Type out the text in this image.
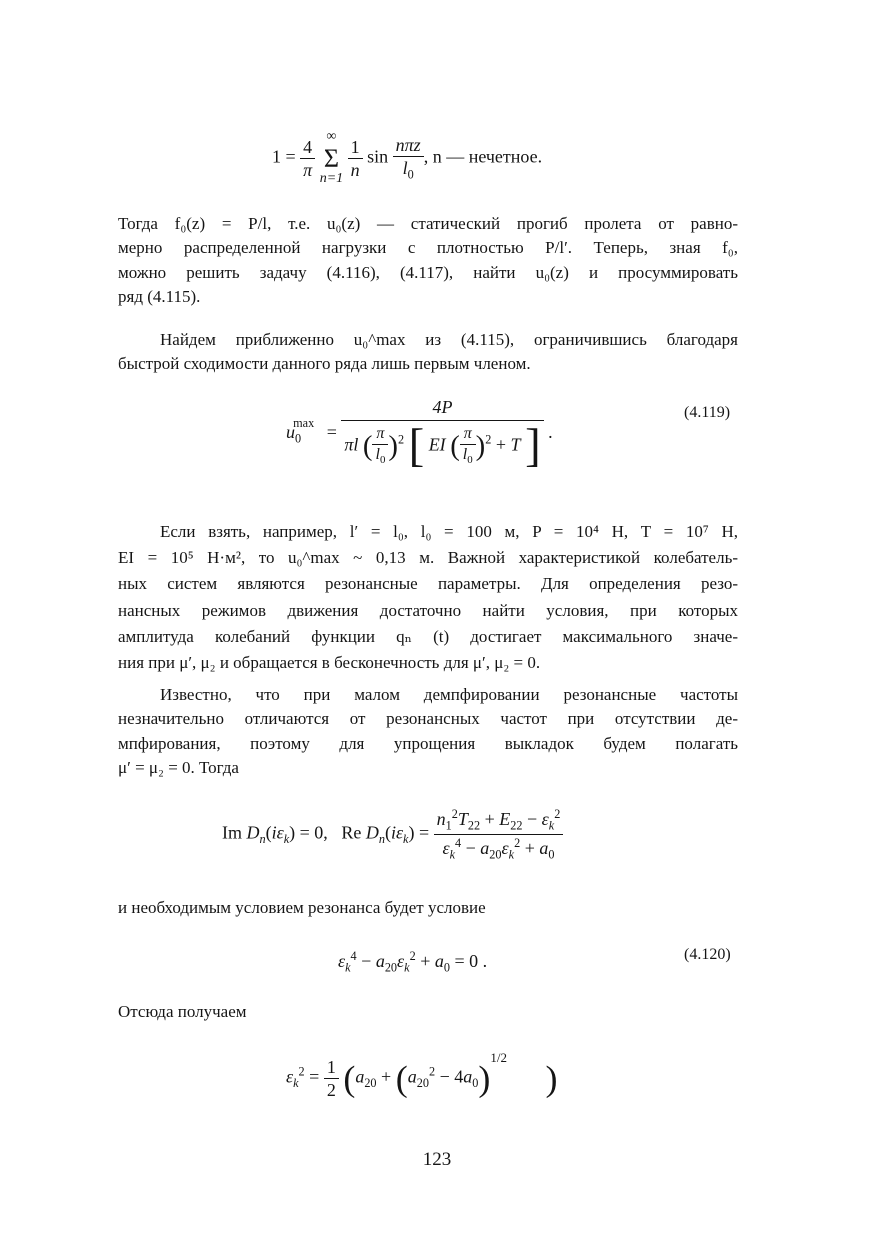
$1 = \frac{4}{\pi}$

∞
Σ
n=1
$\frac{1}{n}$ $\sin \frac{\text{nπz}}{l_0}$ , n — нечетное.
Тогда f₀(z) = P/l, т.е. u₀(z) — статический прогиб пролета от равно-
мерно распределенной нагрузки с плотностью P/l′. Теперь, зная f₀,
можно решить задачу (4.116), (4.117), найти u₀(z) и просуммировать
ряд (4.115).
Найдем приближенно u₀^max из (4.115), ограничившись благодаря
быстрой сходимости данного ряда лишь первым членом.
$u_0^{max}$ =
4P
πl ( $\frac{\pi}{l_0} )^2$ [ EI ( $\frac{\pi}{l_0} )^2 + T$ ] .
(4.119)
Если взять, например, l′ = l₀, l₀ = 100 м, P = 10⁴ Н, T = 10⁷ Н,
EI = 10⁵ Н·м², то u₀^max ~ 0,13 м. Важной характеристикой колебатель-
ных систем являются резонансные параметры. Для определения резо-
нансных режимов движения достаточно найти условия, при которых
амплитуда колебаний функции qₙ (t) достигает максимального значе-
ния при μ′, μ₂ и обращается в бесконечность для μ′, μ₂ = 0.
Известно, что при малом демпфировании резонансные частоты
незначительно отличаются от резонансных частот при отсутствии де-
мпфирования, поэтому для упрощения выкладок будем полагать
μ′ = μ₂ = 0. Тогда
Im $D_n(i\varepsilon_k) = 0$,   Re $D_n(i\varepsilon_k) = \frac{n_1^2T_{22} + E_{22} - \varepsilon_k^2}{\varepsilon_k^4 - a_{20}\varepsilon_k^2 + a_0}$
и необходимым условием резонанса будет условие
$\varepsilon_k^4 - a_{20}\varepsilon_k^2 + a_0 = 0$ .	(4.120)
Отсюда получаем
$\varepsilon_k^2 = \frac{1}{2} (a_{20} + (a_{20}^2 - 4a_0)^{1/2}$ )
123
